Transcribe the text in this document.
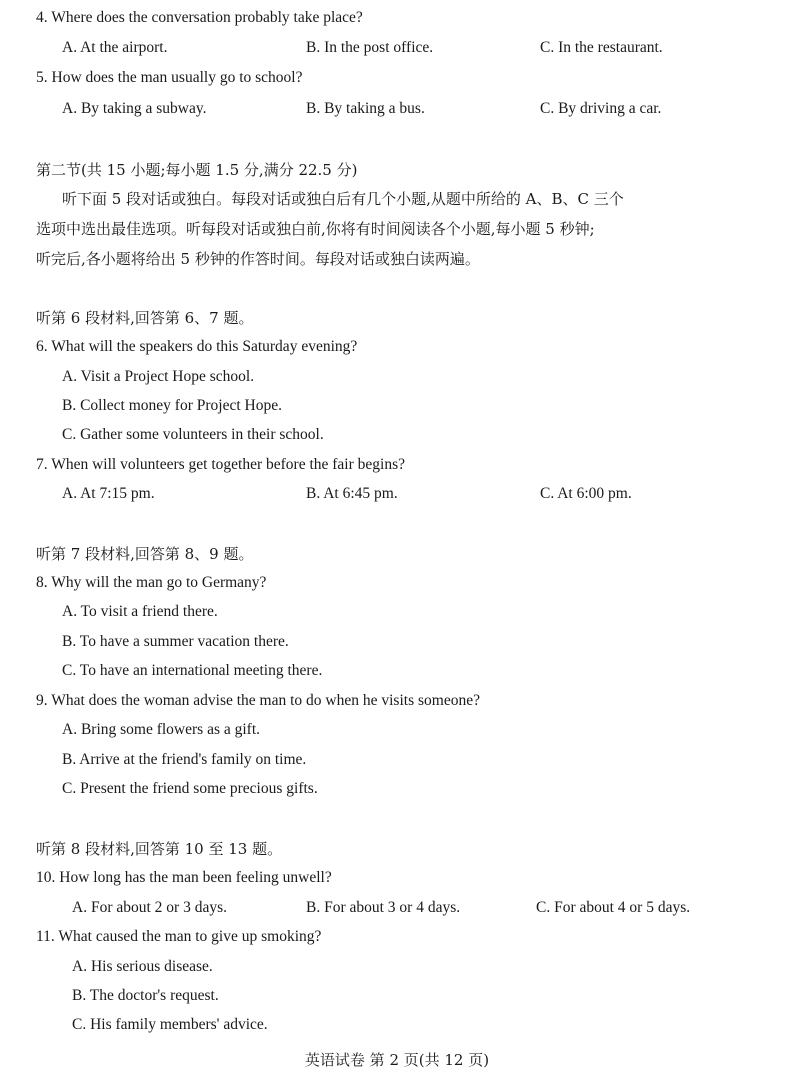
4. Where does the conversation probably take place?
A. At the airport.	B. In the post office.	C. In the restaurant.
5. How does the man usually go to school?
A. By taking a subway.	B. By taking a bus.	C. By driving a car.
第二节(共 15 小题;每小题 1.5 分,满分 22.5 分)
听下面 5 段对话或独白。每段对话或独白后有几个小题,从题中所给的 A、B、C 三个
选项中选出最佳选项。听每段对话或独白前,你将有时间阅读各个小题,每小题 5 秒钟;
听完后,各小题将给出 5 秒钟的作答时间。每段对话或独白读两遍。
听第 6 段材料,回答第 6、7 题。
6. What will the speakers do this Saturday evening?
A. Visit a Project Hope school.
B. Collect money for Project Hope.
C. Gather some volunteers in their school.
7. When will volunteers get together before the fair begins?
A. At 7:15 pm.	B. At 6:45 pm.	C. At 6:00 pm.
听第 7 段材料,回答第 8、9 题。
8. Why will the man go to Germany?
A. To visit a friend there.
B. To have a summer vacation there.
C. To have an international meeting there.
9. What does the woman advise the man to do when he visits someone?
A. Bring some flowers as a gift.
B. Arrive at the friend's family on time.
C. Present the friend some precious gifts.
听第 8 段材料,回答第 10 至 13 题。
10. How long has the man been feeling unwell?
A. For about 2 or 3 days.	B. For about 3 or 4 days.	C. For about 4 or 5 days.
11. What caused the man to give up smoking?
A. His serious disease.
B. The doctor's request.
C. His family members' advice.
英语试卷 第 2 页(共 12 页)
